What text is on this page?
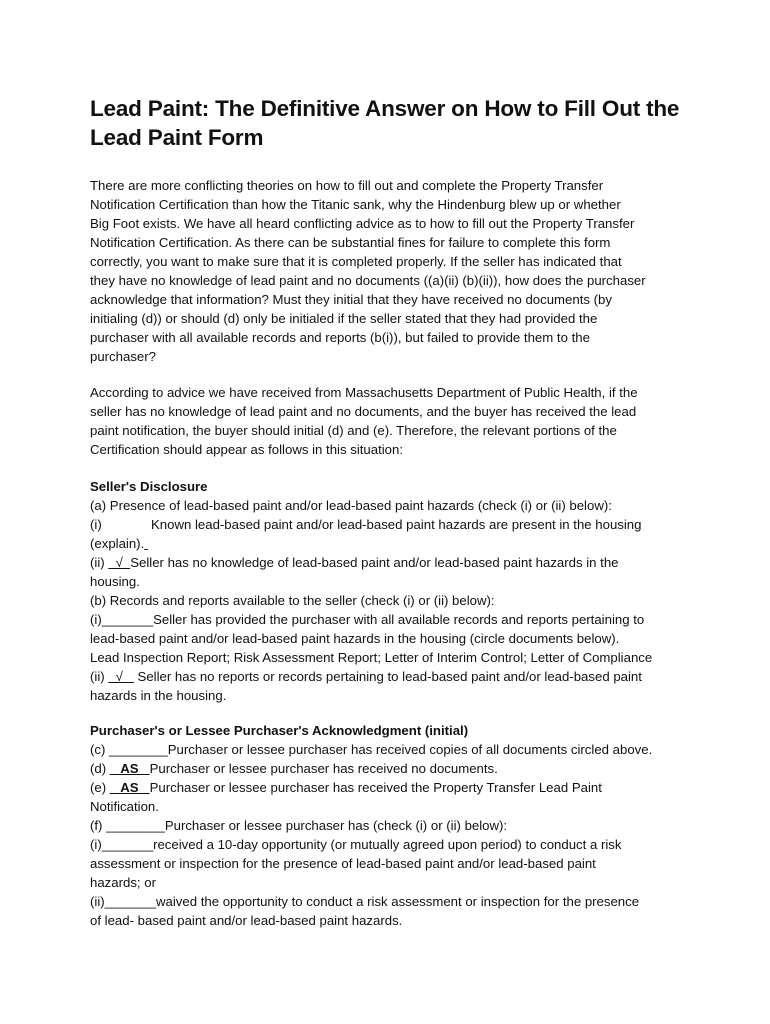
Lead Paint: The Definitive Answer on How to Fill Out the
Lead Paint Form
There are more conflicting theories on how to fill out and complete the Property Transfer
Notification Certification than how the Titanic sank, why the Hindenburg blew up or whether
Big Foot exists. We have all heard conflicting advice as to how to fill out the Property Transfer
Notification Certification. As there can be substantial fines for failure to complete this form
correctly, you want to make sure that it is completed properly. If the seller has indicated that
they have no knowledge of lead paint and no documents ((a)(ii) (b)(ii)), how does the purchaser
acknowledge that information? Must they initial that they have received no documents (by
initialing (d)) or should (d) only be initialed if the seller stated that they had provided the
purchaser with all available records and reports (b(i)), but failed to provide them to the
purchaser?
According to advice we have received from Massachusetts Department of Public Health, if the
seller has no knowledge of lead paint and no documents, and the buyer has received the lead
paint notification, the buyer should initial (d) and (e). Therefore, the relevant portions of the
Certification should appear as follows in this situation:
Seller's Disclosure
(a) Presence of lead-based paint and/or lead-based paint hazards (check (i) or (ii) below):
(i)	Known lead-based paint and/or lead-based paint hazards are present in the housing
(explain).
(ii)   √  Seller has no knowledge of lead-based paint and/or lead-based paint hazards in the
housing.
(b) Records and reports available to the seller (check (i) or (ii) below):
(i)_______Seller has provided the purchaser with all available records and reports pertaining to
lead-based paint and/or lead-based paint hazards in the housing (circle documents below).
Lead Inspection Report; Risk Assessment Report; Letter of Interim Control; Letter of Compliance
(ii)   √    Seller has no reports or records pertaining to lead-based paint and/or lead-based paint
hazards in the housing.
Purchaser's or Lessee Purchaser's Acknowledgment (initial)
(c) ________Purchaser or lessee purchaser has received copies of all documents circled above.
(d)    AS   Purchaser or lessee purchaser has received no documents.
(e)    AS   Purchaser or lessee purchaser has received the Property Transfer Lead Paint
Notification.
(f) ________Purchaser or lessee purchaser has (check (i) or (ii) below):
(i)_______received a 10-day opportunity (or mutually agreed upon period) to conduct a risk
assessment or inspection for the presence of lead-based paint and/or lead-based paint
hazards; or
(ii)_______waived the opportunity to conduct a risk assessment or inspection for the presence
of lead- based paint and/or lead-based paint hazards.
